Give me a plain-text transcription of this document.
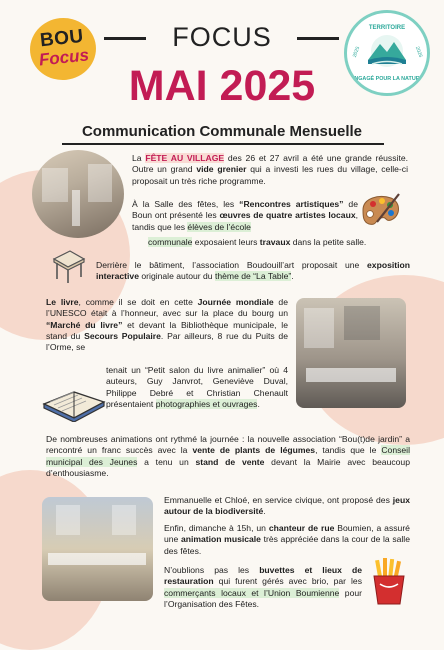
BOU
Focus
FOCUS
MAI 2025
TERRITOIRE
2025	2026
ENGAGÉ POUR LA NATURE
Communication Communale Mensuelle
La FÊTE AU VILLAGE des 26 et 27 avril a été une grande réussite. Outre un grand vide grenier qui a investi les rues du village, celle-ci proposait un très riche programme.
À la Salle des fêtes, les “Rencontres artistiques” de Boun ont présenté les œuvres de quatre artistes locaux, tandis que les élèves de l’école
communale exposaient leurs travaux dans la petite salle.
Derrière le bâtiment, l’association Boudouill’art proposait une exposition interactive originale autour du thème de “La Table”.
Le livre, comme il se doit en cette Journée mondiale de l’UNESCO était à l’honneur, avec sur la place du bourg un “Marché du livre” et devant la Bibliothèque municipale, le stand du Secours Populaire. Par ailleurs, 8 rue du Puits de l’Orme, se
tenait un “Petit salon du livre animalier” où 4 auteurs, Guy Janvrot, Geneviève Duval, Philippe Debré et Christian Chenault présentaient photographies et ouvrages.
De nombreuses animations ont rythmé la journée : la nouvelle association “Bou(t)de jardin” a rencontré un franc succès avec la vente de plants de légumes, tandis que le Conseil municipal des Jeunes a tenu un stand de vente devant la Mairie avec beaucoup d’enthousiasme.
Emmanuelle et Chloé, en service civique, ont proposé des jeux autour de la biodiversité.
Enfin, dimanche à 15h, un chanteur de rue Boumien, a assuré une animation musicale très appréciée dans la cour de la salle des fêtes.
N’oublions pas les buvettes et lieux de restauration qui furent gérés avec brio, par les commerçants locaux et l’Union Boumienne pour l’Organisation des Fêtes.
